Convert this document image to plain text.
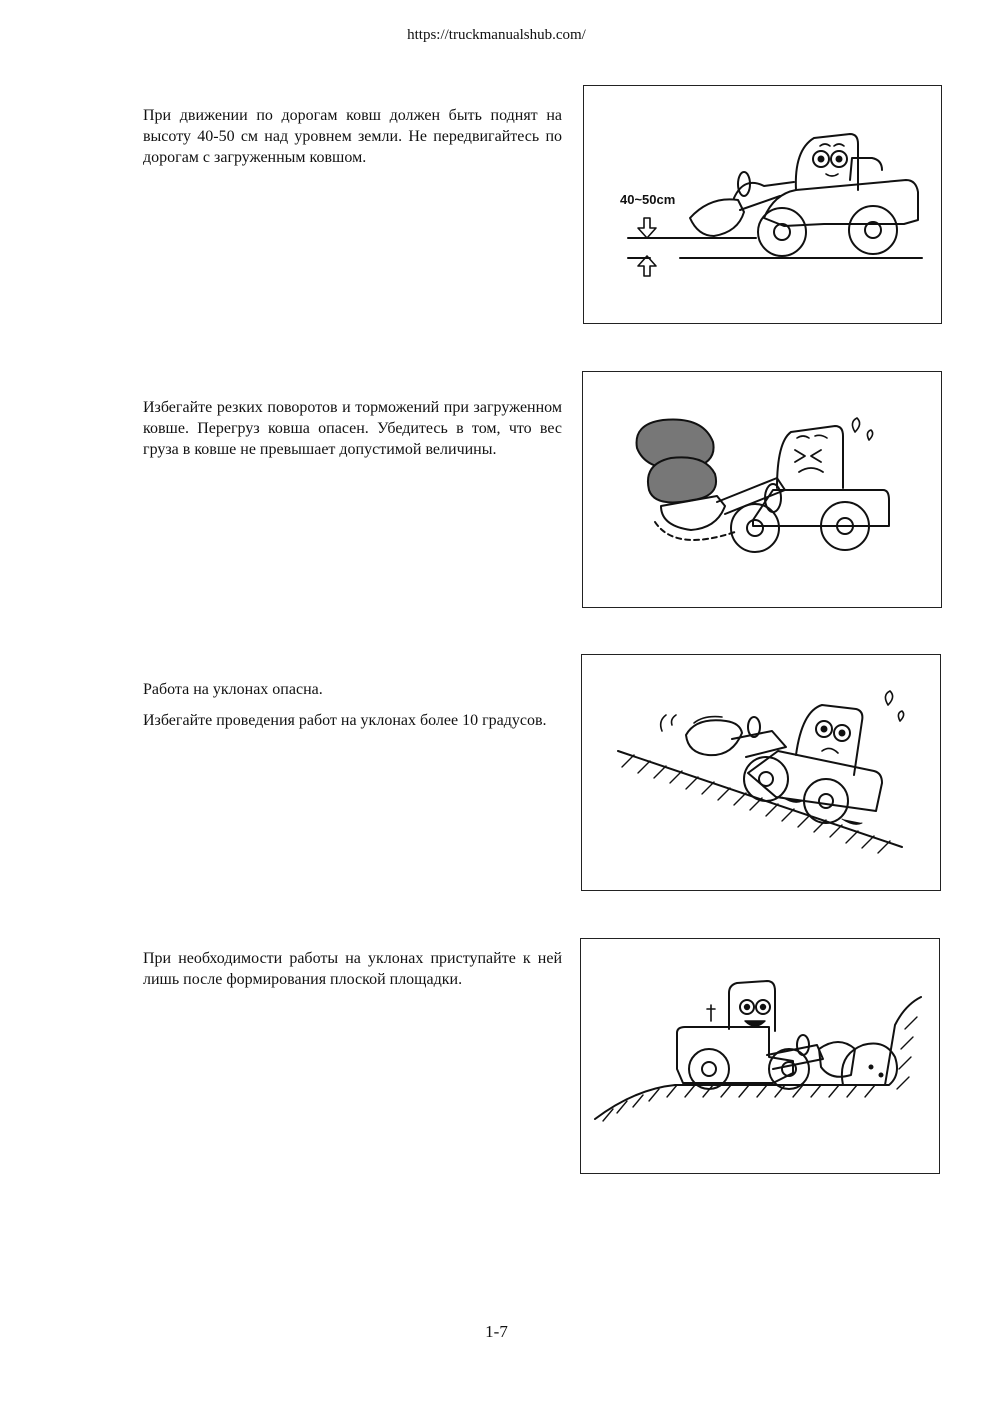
https://truckmanualshub.com/

При движении по дорогам ковш должен быть поднят на высоту 40-50 см над уровнем земли. Не передвигайтесь по дорогам с загруженным ковшом.

40~50cm

Избегайте резких поворотов и торможений при загруженном ковше. Перегруз ковша опасен. Убедитесь в том, что вес груза в ковше не превышает допустимой величины.

Работа на уклонах опасна.

Избегайте проведения работ на уклонах более 10 градусов.

При необходимости работы на уклонах приступайте к ней лишь после формирования плоской площадки.

1-7
